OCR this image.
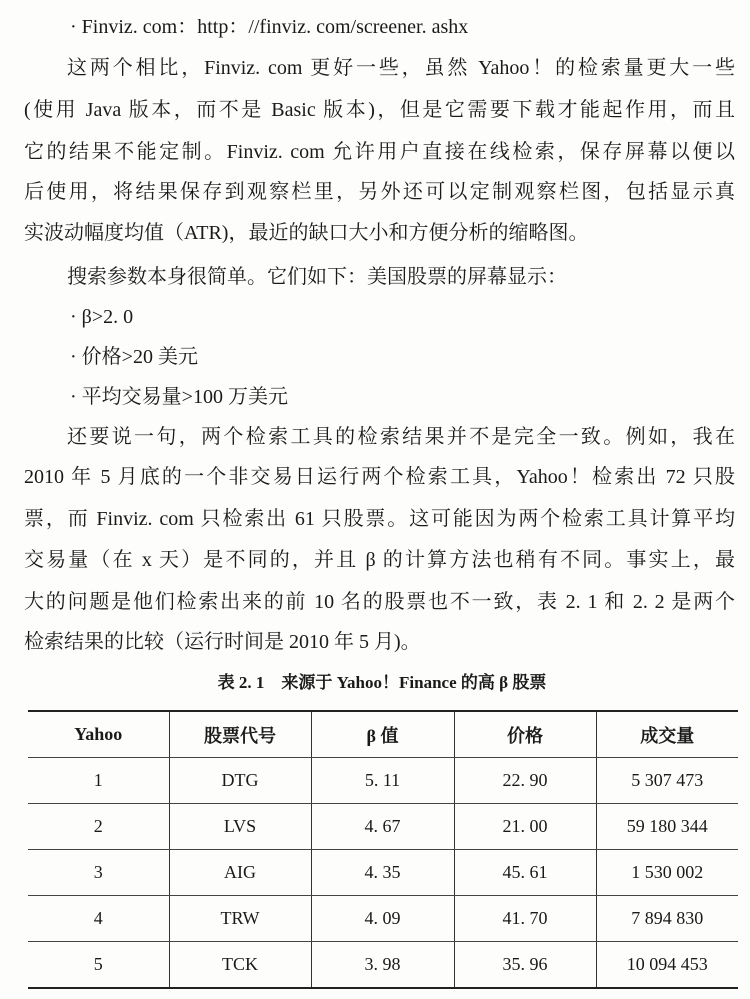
· Finviz. com：http：//finviz. com/screener. ashx
这两个相比，Finviz. com 更好一些，虽然 Yahoo！的检索量更大一些
(使用 Java 版本，而不是 Basic 版本)，但是它需要下载才能起作用，而且
它的结果不能定制。Finviz. com 允许用户直接在线检索，保存屏幕以便以
后使用，将结果保存到观察栏里，另外还可以定制观察栏图，包括显示真
实波动幅度均值（ATR)，最近的缺口大小和方便分析的缩略图。
搜索参数本身很简单。它们如下：美国股票的屏幕显示：
· β>2. 0
· 价格>20 美元
· 平均交易量>100 万美元
还要说一句，两个检索工具的检索结果并不是完全一致。例如，我在
2010 年 5 月底的一个非交易日运行两个检索工具，Yahoo！检索出 72 只股
票，而 Finviz. com 只检索出 61 只股票。这可能因为两个检索工具计算平均
交易量（在 x 天）是不同的，并且 β 的计算方法也稍有不同。事实上，最
大的问题是他们检索出来的前 10 名的股票也不一致，表 2. 1 和 2. 2 是两个
检索结果的比较（运行时间是 2010 年 5 月)。
表 2. 1　来源于 Yahoo！Finance 的高 β 股票
Yahoo	股票代号	β 值	价格	成交量
1	DTG	5. 11	22. 90	5 307 473
2	LVS	4. 67	21. 00	59 180 344
3	AIG	4. 35	45. 61	1 530 002
4	TRW	4. 09	41. 70	7 894 830
5	TCK	3. 98	35. 96	10 094 453
